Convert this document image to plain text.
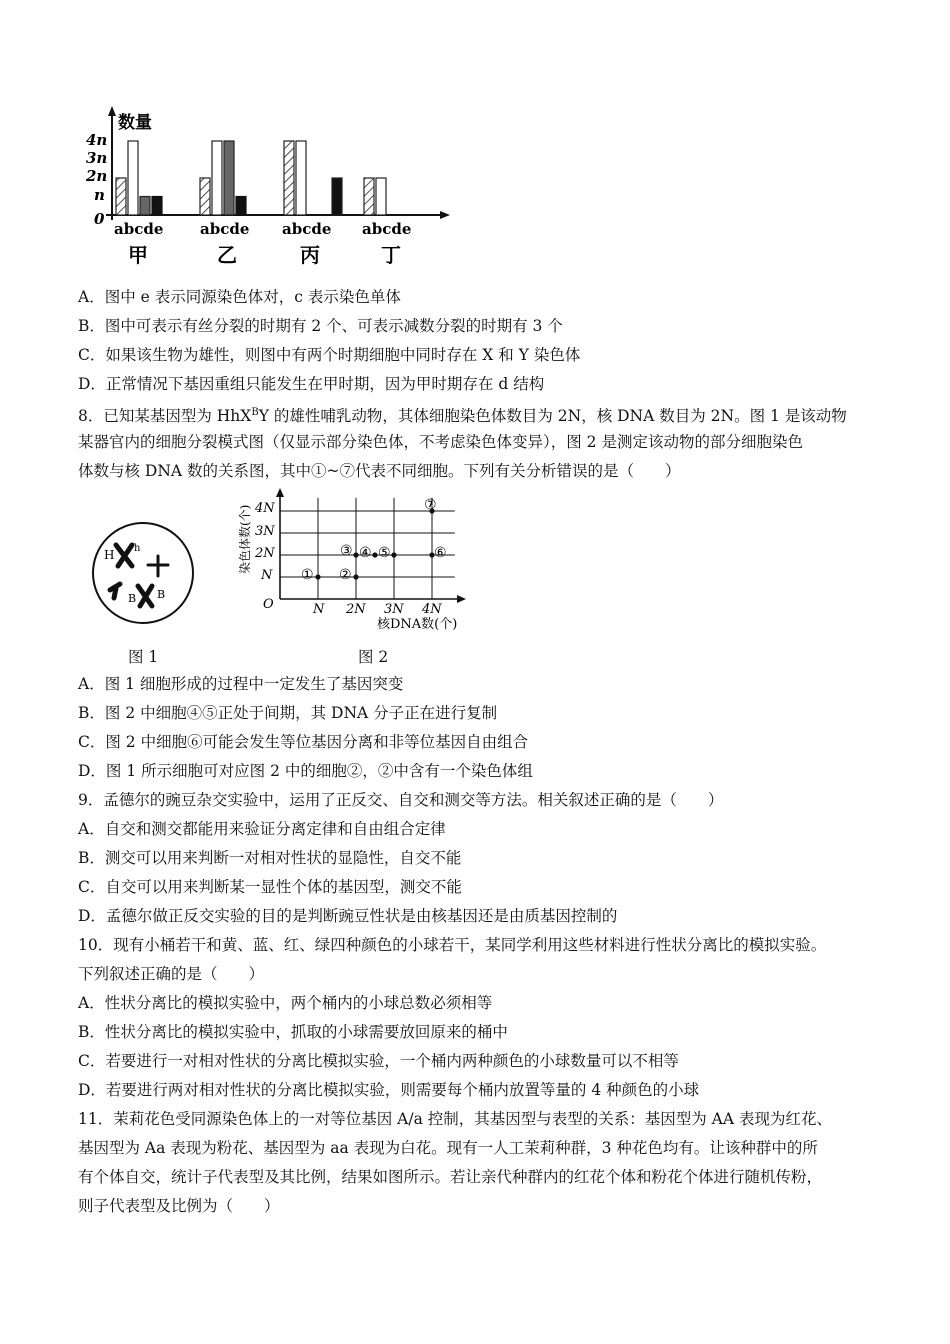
数量
4n
3n
2n
n
0
abcde abcde abcde abcde
甲	乙	丙	丁
A．图中 e 表示同源染色体对，c 表示染色单体
B．图中可表示有丝分裂的时期有 2 个、可表示减数分裂的时期有 3 个
C．如果该生物为雄性，则图中有两个时期细胞中同时存在 X 和 Y 染色体
D．正常情况下基因重组只能发生在甲时期，因为甲时期存在 d 结构
8．已知某基因型为 HhX$^B$Y 的雄性哺乳动物，其体细胞染色体数目为 2N，核 DNA 数目为 2N。图 1 是该动物
某器官内的细胞分裂模式图（仅显示部分染色体，不考虑染色体变异），图 2 是测定该动物的部分细胞染色
体数与核 DNA 数的关系图，其中①~⑦代表不同细胞。下列有关分析错误的是（　　）
H h
B B
图 1
染色体数(个)
核DNA数(个)
O
N
2N
3N
4N
N 2N 3N 4N
① ②
③ ④ ⑤	⑥
⑦
图 2
A．图 1 细胞形成的过程中一定发生了基因突变
B．图 2 中细胞④⑤正处于间期，其 DNA 分子正在进行复制
C．图 2 中细胞⑥可能会发生等位基因分离和非等位基因自由组合
D．图 1 所示细胞可对应图 2 中的细胞②，②中含有一个染色体组
9．孟德尔的豌豆杂交实验中，运用了正反交、自交和测交等方法。相关叙述正确的是（　　）
A．自交和测交都能用来验证分离定律和自由组合定律
B．测交可以用来判断一对相对性状的显隐性，自交不能
C．自交可以用来判断某一显性个体的基因型，测交不能
D．孟德尔做正反交实验的目的是判断豌豆性状是由核基因还是由质基因控制的
10．现有小桶若干和黄、蓝、红、绿四种颜色的小球若干，某同学利用这些材料进行性状分离比的模拟实验。
下列叙述正确的是（　　）
A．性状分离比的模拟实验中，两个桶内的小球总数必须相等
B．性状分离比的模拟实验中，抓取的小球需要放回原来的桶中
C．若要进行一对相对性状的分离比模拟实验，一个桶内两种颜色的小球数量可以不相等
D．若要进行两对相对性状的分离比模拟实验，则需要每个桶内放置等量的 4 种颜色的小球
11．茉莉花色受同源染色体上的一对等位基因 A/a 控制，其基因型与表型的关系：基因型为 AA 表现为红花、
基因型为 Aa 表现为粉花、基因型为 aa 表现为白花。现有一人工茉莉种群，3 种花色均有。让该种群中的所
有个体自交，统计子代表型及其比例，结果如图所示。若让亲代种群内的红花个体和粉花个体进行随机传粉，
则子代表型及比例为（　　）
